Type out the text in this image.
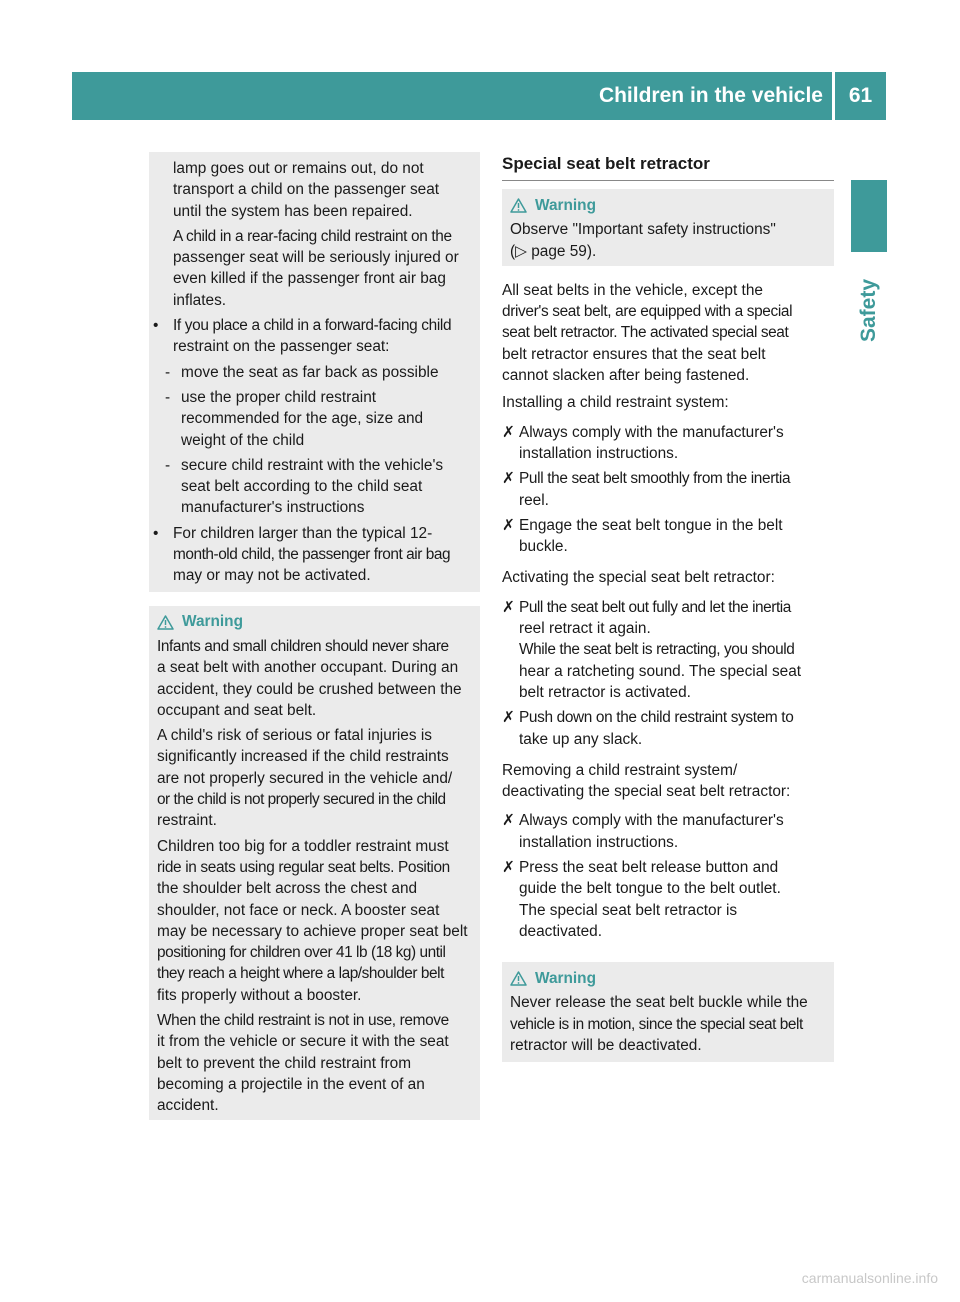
Children in the vehicle	61
Safety

lamp goes out or remains out, do not

transport a child on the passenger seat

until the system has been repaired.

A child in a rear-facing child restraint on the

passenger seat will be seriously injured or

even killed if the passenger front air bag

inflates.

• If you place a child in a forward-facing child

restraint on the passenger seat:

- move the seat as far back as possible

- use the proper child restraint

recommended for the age, size and

weight of the child

- secure child restraint with the vehicle's

seat belt according to the child seat

manufacturer's instructions

• For children larger than the typical 12-

month-old child, the passenger front air bag

may or may not be activated.

Warning

Infants and small children should never share

a seat belt with another occupant. During an

accident, they could be crushed between the

occupant and seat belt.

A child's risk of serious or fatal injuries is

significantly increased if the child restraints

are not properly secured in the vehicle and/

or the child is not properly secured in the child

restraint.

Children too big for a toddler restraint must

ride in seats using regular seat belts. Position

the shoulder belt across the chest and

shoulder, not face or neck. A booster seat

may be necessary to achieve proper seat belt

positioning for children over 41 lb (18 kg) until

they reach a height where a lap/shoulder belt

fits properly without a booster.

When the child restraint is not in use, remove

it from the vehicle or secure it with the seat

belt to prevent the child restraint from

becoming a projectile in the event of an

accident.

Special seat belt retractor
Warning

Observe "Important safety instructions"

(▷ page 59).

All seat belts in the vehicle, except the

driver's seat belt, are equipped with a special

seat belt retractor. The activated special seat

belt retractor ensures that the seat belt

cannot slacken after being fastened.

Installing a child restraint system:

✗ Always comply with the manufacturer's

installation instructions.

✗ Pull the seat belt smoothly from the inertia

reel.

✗ Engage the seat belt tongue in the belt

buckle.

Activating the special seat belt retractor:

✗ Pull the seat belt out fully and let the inertia

reel retract it again.

While the seat belt is retracting, you should

hear a ratcheting sound. The special seat

belt retractor is activated.

✗ Push down on the child restraint system to

take up any slack.

Removing a child restraint system/

deactivating the special seat belt retractor:

✗ Always comply with the manufacturer's

installation instructions.

✗ Press the seat belt release button and

guide the belt tongue to the belt outlet.

The special seat belt retractor is

deactivated.

Warning

Never release the seat belt buckle while the

vehicle is in motion, since the special seat belt

retractor will be deactivated.

carmanualsonline.info
